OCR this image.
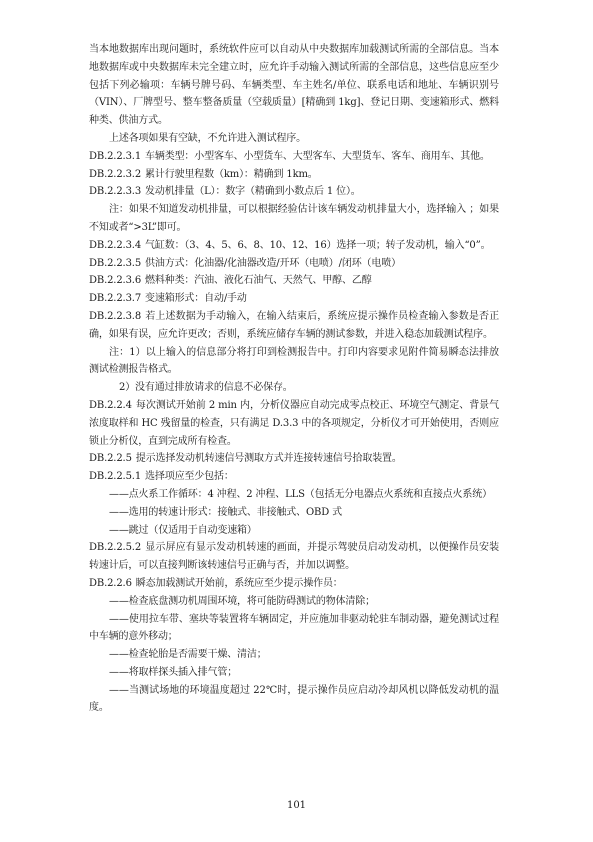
当本地数据库出现问题时，系统软件应可以自动从中央数据库加载测试所需的全部信息。当本地数据库或中央数据库未完全建立时，应允许手动输入测试所需的全部信息，这些信息应至少包括下列必输项：车辆号牌号码、车辆类型、车主姓名/单位、联系电话和地址、车辆识别号（VIN）、厂牌型号、整车整备质量（空载质量）[精确到 1kg]、登记日期、变速箱形式、燃料种类、供油方式。

上述各项如果有空缺，不允许进入测试程序。

DB.2.2.3.1 车辆类型：小型客车、小型货车、大型客车、大型货车、客车、商用车、其他。

DB.2.2.3.2 累计行驶里程数（km）：精确到 1km。

DB.2.2.3.3 发动机排量（L）：数字（精确到小数点后 1 位）。

注：如果不知道发动机排量，可以根据经验估计该车辆发动机排量大小，选择输入 ；如果不知或者“>3L”即可。

DB.2.2.3.4 气缸数：（3、4、5、6、8、10、12、16）选择一项；转子发动机，输入“0”。

DB.2.2.3.5 供油方式：化油器/化油器改造/开环（电喷）/闭环（电喷）

DB.2.2.3.6 燃料种类：汽油、液化石油气、天然气、甲醇、乙醇

DB.2.2.3.7 变速箱形式：自动/手动

DB.2.2.3.8 若上述数据为手动输入，在输入结束后，系统应提示操作员检查输入参数是否正确，如果有误，应允许更改；否则，系统应储存车辆的测试参数，并进入稳态加载测试程序。

注：1）以上输入的信息部分将打印到检测报告中。打印内容要求见附件简易瞬态法排放测试检测报告格式。

2）没有通过排放请求的信息不必保存。

DB.2.2.4 每次测试开始前 2 min 内，分析仪器应自动完成零点校正、环境空气测定、背景气浓度取样和 HC 残留量的检查，只有满足 D.3.3 中的各项规定，分析仪才可开始使用，否则应锁止分析仪，直到完成所有检查。

DB.2.2.5 提示选择发动机转速信号测取方式并连接转速信号拾取装置。

DB.2.2.5.1 选择项应至少包括：

——点火系工作循环：4 冲程、2 冲程、LLS（包括无分电器点火系统和直接点火系统）

——选用的转速计形式：接触式、非接触式、OBD 式

——跳过（仅适用于自动变速箱）

DB.2.2.5.2 显示屏应有显示发动机转速的画面，并提示驾驶员启动发动机，以便操作员安装转速计后，可以直接判断该转速信号正确与否，并加以调整。

DB.2.2.6 瞬态加载测试开始前，系统应至少提示操作员：

——检查底盘测功机周围环境，将可能防碍测试的物体清除；

——使用拉车带、塞块等装置将车辆固定，并应施加非驱动轮驻车制动器，避免测试过程中车辆的意外移动；

——检查轮胎是否需要干燥、清洁；

——将取样探头插入排气管；

——当测试场地的环境温度超过 22℃时，提示操作员应启动冷却风机以降低发动机的温度。

101
